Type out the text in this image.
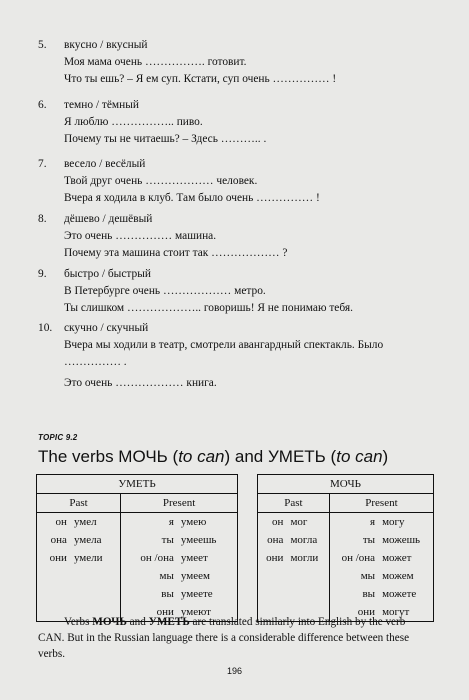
5.	вкусно / вкусный
Моя мама очень ……………. готовит.
Что ты ешь? – Я ем суп. Кстати, суп очень …………… !
6.	темно / тёмный
Я люблю …………….. пиво.
Почему ты не читаешь? – Здесь ……….. .
7.	весело / весёлый
Твой друг очень ……………… человек.
Вчера я ходила в клуб. Там было очень …………… !
8.	дёшево / дешёвый
Это очень …………… машина.
Почему эта машина стоит так ……………… ?
9.	быстро / быстрый
В Петербурге очень ……………… метро.
Ты слишком ……………….. говоришь! Я не понимаю тебя.
10.	скучно / скучный
Вчера мы ходили в театр, смотрели авангардный спектакль. Было
…………… .
Это очень ……………… книга.
TOPIC 9.2
The verbs МОЧЬ (to can) and УМЕТЬ (to can)
УМЕТЬ			
Past		Present	
он	умел	я	умею
она	умела	ты	умеешь
они	умели	он /она	умеет
		мы	умеем
		вы	умеете
		они	умеют
МОЧЬ			
Past		Present	
он	мог	я	могу
она	могла	ты	можешь
они	могли	он /она	может
		мы	можем
		вы	можете
		они	могут
Verbs МОЧЬ and УМЕТЬ are translated similarly into English by the verb CAN. But in the Russian language there is a considerable difference between these verbs.
196
